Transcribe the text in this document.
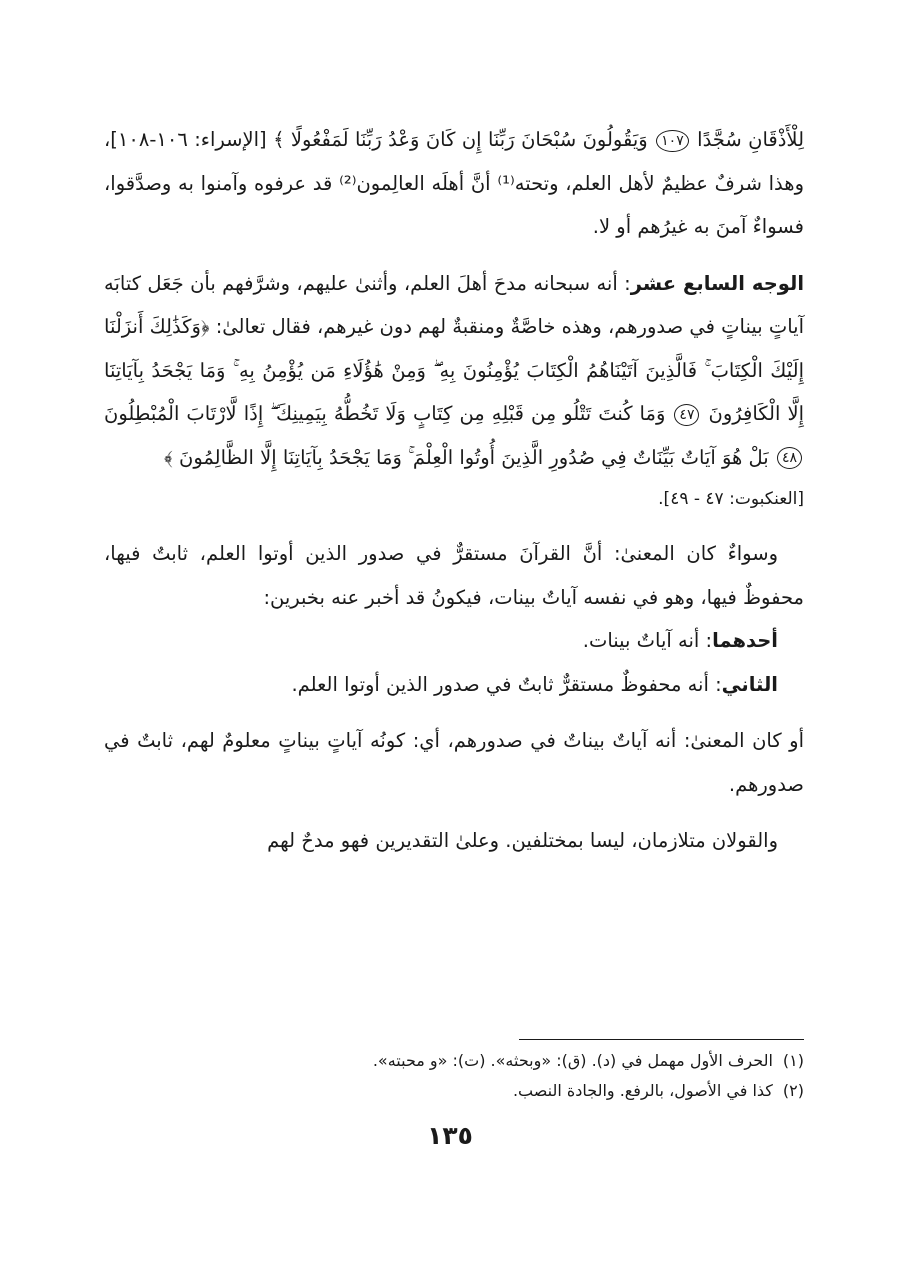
لِلْأَذْقَانِ سُجَّدًا ١٠٧ وَيَقُولُونَ سُبْحَانَ رَبِّنَا إِن كَانَ وَعْدُ رَبِّنَا لَمَفْعُولًا ﴾ [الإسراء: ١٠٦-١٠٨]، وهذا شرفٌ عظيمٌ لأهل العلم، وتحته⁽¹⁾ أنَّ أهلَه العالِمون⁽²⁾ قد عرفوه وآمنوا به وصدَّقوا، فسواءٌ آمنَ به غيرُهم أو لا.

الوجه السابع عشر: أنه سبحانه مدحَ أهلَ العلم، وأثنىٰ عليهم، وشرَّفهم بأن جَعَل كتابَه آياتٍ بيناتٍ في صدورهم، وهذه خاصَّةٌ ومنقبةٌ لهم دون غيرهم، فقال تعالىٰ: ﴿وَكَذَٰلِكَ أَنزَلْنَا إِلَيْكَ الْكِتَابَ ۚ فَالَّذِينَ آتَيْنَاهُمُ الْكِتَابَ يُؤْمِنُونَ بِهِ ۖ وَمِنْ هَٰؤُلَاءِ مَن يُؤْمِنُ بِهِ ۚ وَمَا يَجْحَدُ بِآيَاتِنَا إِلَّا الْكَافِرُونَ ٤٧ وَمَا كُنتَ تَتْلُو مِن قَبْلِهِ مِن كِتَابٍ وَلَا تَخُطُّهُ بِيَمِينِكَ ۖ إِذًا لَّارْتَابَ الْمُبْطِلُونَ ٤٨ بَلْ هُوَ آيَاتٌ بَيِّنَاتٌ فِي صُدُورِ الَّذِينَ أُوتُوا الْعِلْمَ ۚ وَمَا يَجْحَدُ بِآيَاتِنَا إِلَّا الظَّالِمُونَ ﴾

[العنكبوت: ٤٧ - ٤٩].

وسواءٌ كان المعنىٰ: أنَّ القرآنَ مستقرٌّ في صدور الذين أوتوا العلم، ثابتٌ فيها، محفوظٌ فيها، وهو في نفسه آياتٌ بينات، فيكونُ قد أخبر عنه بخبرين:

أحدهما: أنه آياتٌ بينات.

الثاني: أنه محفوظٌ مستقرٌّ ثابتٌ في صدور الذين أوتوا العلم.

أو كان المعنىٰ: أنه آياتٌ بيناتٌ في صدورهم، أي: كونُه آياتٍ بيناتٍ معلومٌ لهم، ثابتٌ في صدورهم.

والقولان متلازمان، ليسا بمختلفين. وعلىٰ التقديرين فهو مدحٌ لهم

(١) الحرف الأول مهمل في (د). (ق): «وبحثه». (ت): «و محبته».

(٢) كذا في الأصول، بالرفع. والجادة النصب.

١٣٥
